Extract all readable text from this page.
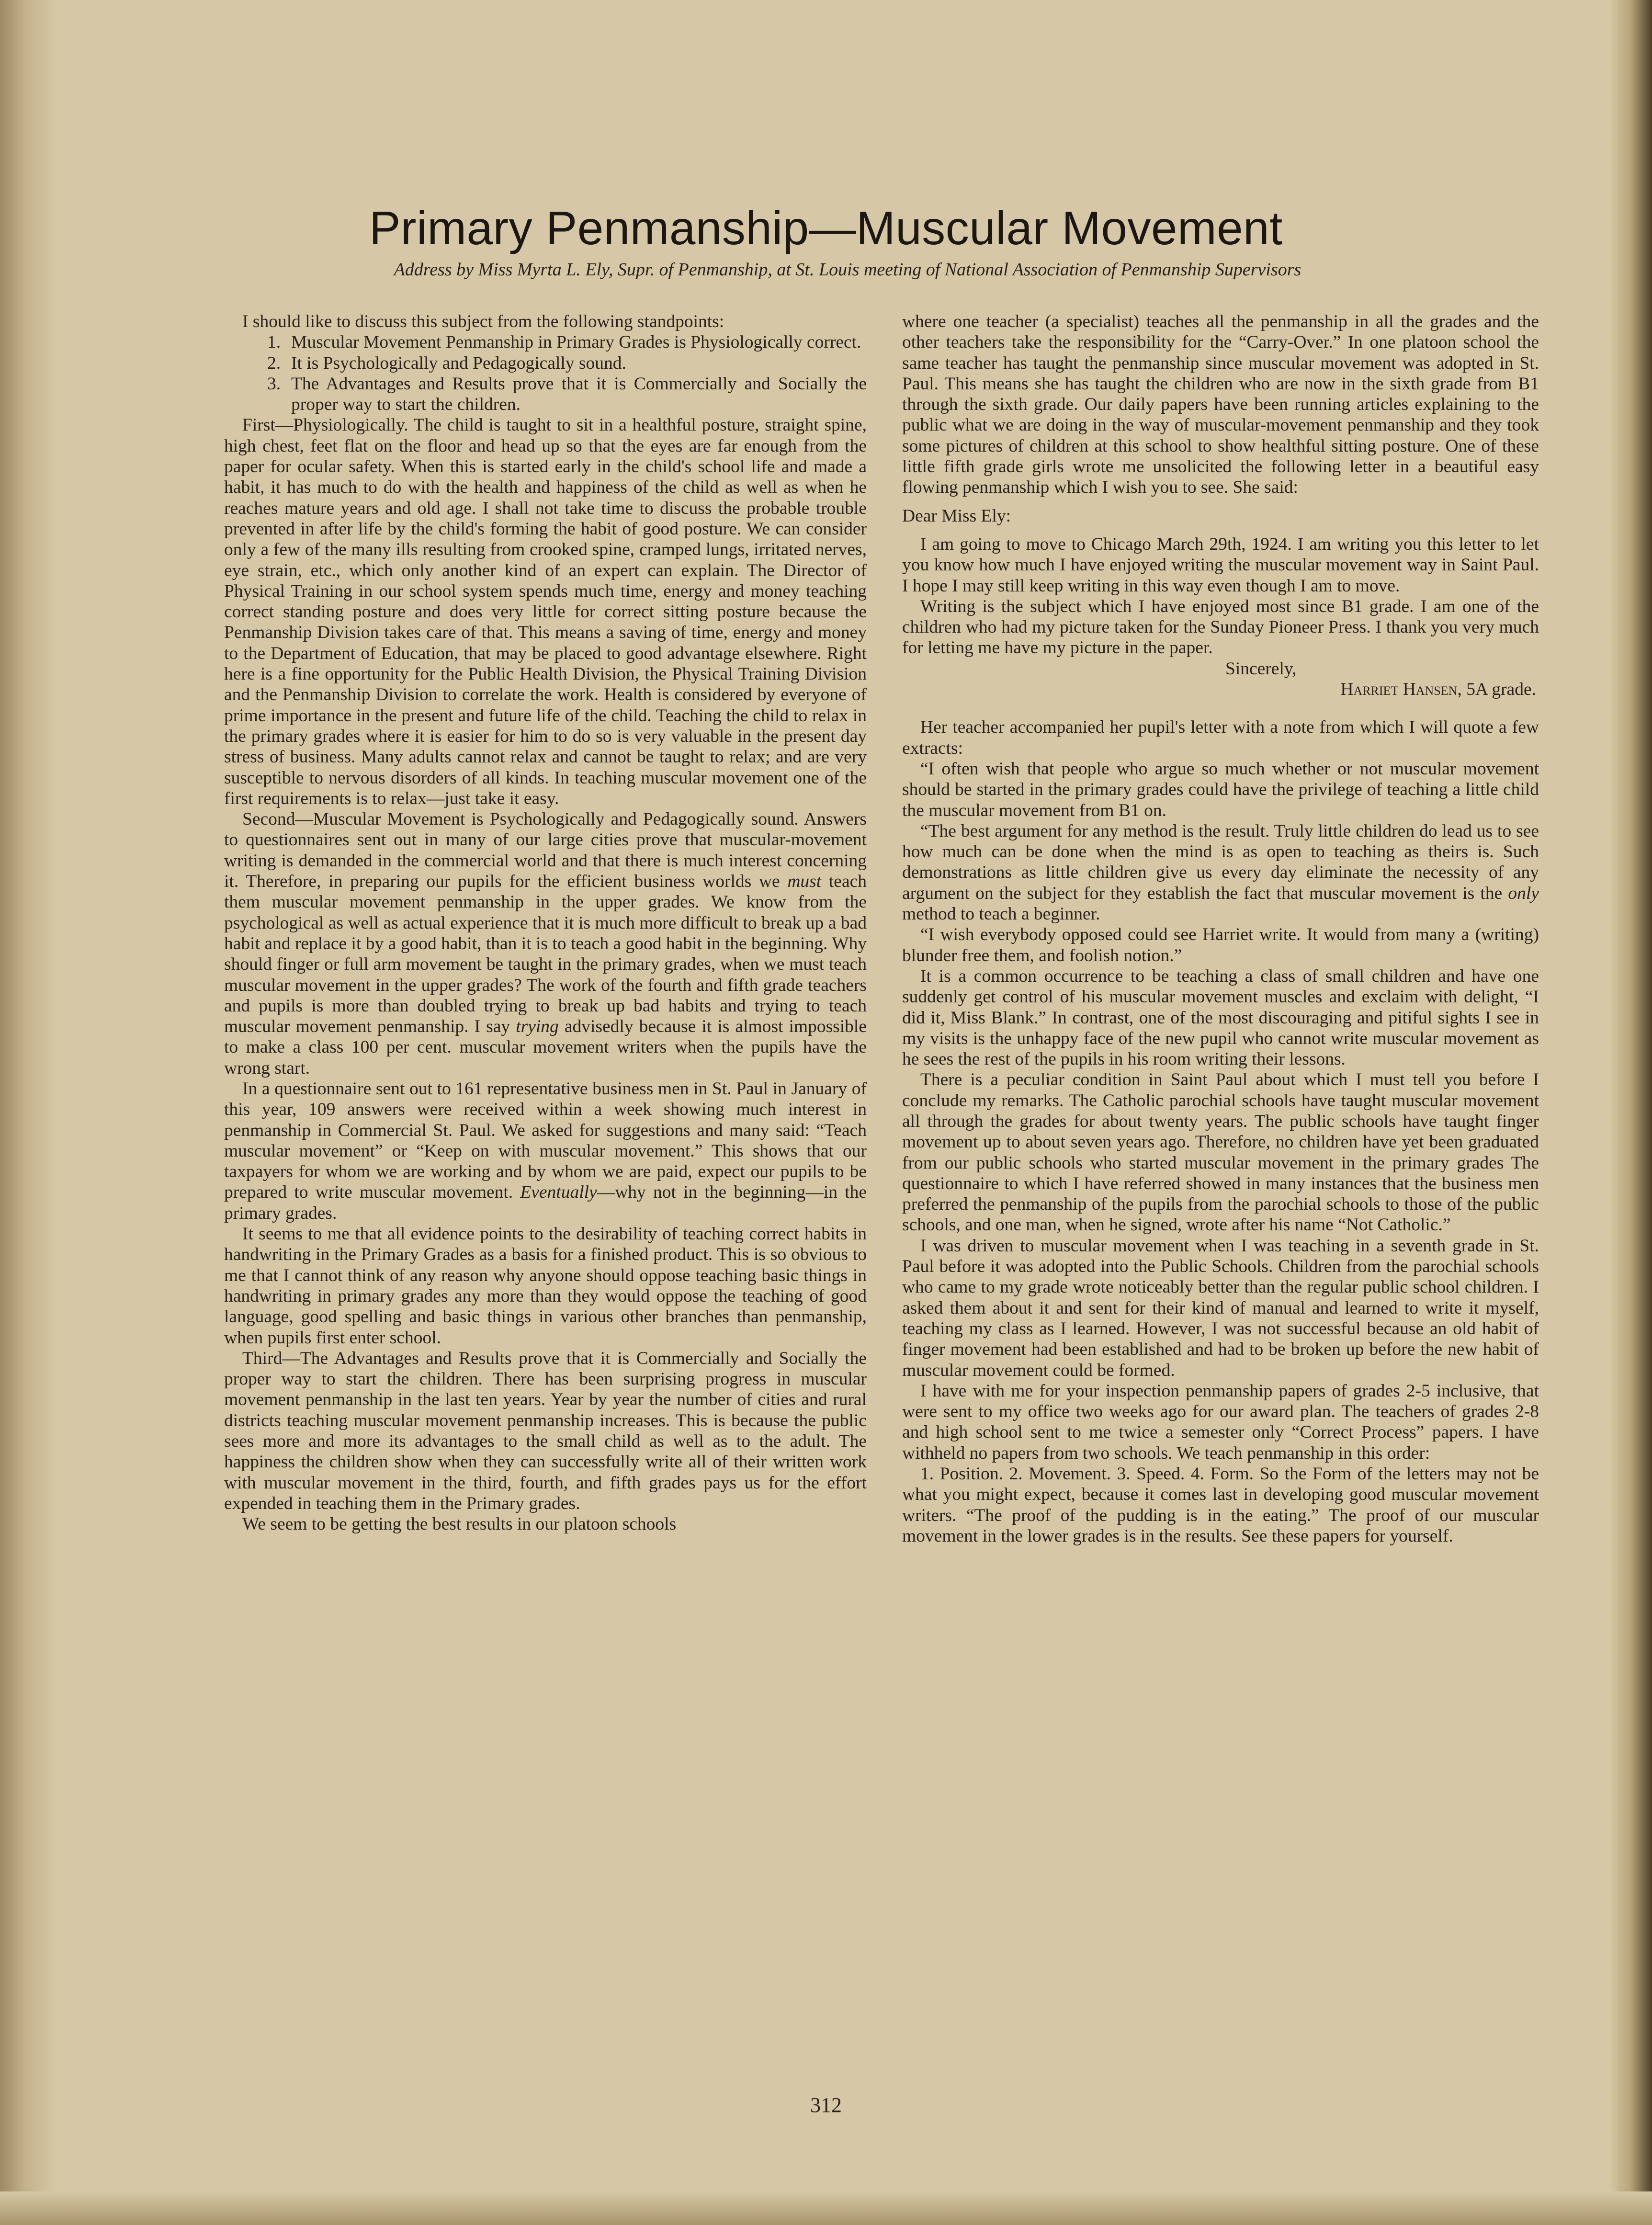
Primary Penmanship—Muscular Movement
Address by Miss Myrta L. Ely, Supr. of Penmanship, at St. Louis meeting of National Association of Penmanship Supervisors

I should like to discuss this subject from the following standpoints:

1. Muscular Movement Penmanship in Primary Grades is Physiologically correct.
2. It is Psychologically and Pedagogically sound.
3. The Advantages and Results prove that it is Commercially and Socially the proper way to start the children.

First—Physiologically. The child is taught to sit in a healthful posture, straight spine, high chest, feet flat on the floor and head up so that the eyes are far enough from the paper for ocular safety. When this is started early in the child's school life and made a habit, it has much to do with the health and happiness of the child as well as when he reaches mature years and old age. I shall not take time to discuss the probable trouble prevented in after life by the child's forming the habit of good posture. We can consider only a few of the many ills resulting from crooked spine, cramped lungs, irritated nerves, eye strain, etc., which only another kind of an expert can explain. The Director of Physical Training in our school system spends much time, energy and money teaching correct standing posture and does very little for correct sitting posture because the Penmanship Division takes care of that. This means a saving of time, energy and money to the Department of Education, that may be placed to good advantage elsewhere. Right here is a fine opportunity for the Public Health Division, the Physical Training Division and the Penmanship Division to correlate the work. Health is considered by everyone of prime importance in the present and future life of the child. Teaching the child to relax in the primary grades where it is easier for him to do so is very valuable in the present day stress of business. Many adults cannot relax and cannot be taught to relax; and are very susceptible to nervous disorders of all kinds. In teaching muscular movement one of the first requirements is to relax—just take it easy.

Second—Muscular Movement is Psychologically and Pedagogically sound. Answers to questionnaires sent out in many of our large cities prove that muscular-movement writing is demanded in the commercial world and that there is much interest concerning it. Therefore, in preparing our pupils for the efficient business worlds we must teach them muscular movement penmanship in the upper grades. We know from the psychological as well as actual experience that it is much more difficult to break up a bad habit and replace it by a good habit, than it is to teach a good habit in the beginning. Why should finger or full arm movement be taught in the primary grades, when we must teach muscular movement in the upper grades? The work of the fourth and fifth grade teachers and pupils is more than doubled trying to break up bad habits and trying to teach muscular movement penmanship. I say trying advisedly because it is almost impossible to make a class 100 per cent. muscular movement writers when the pupils have the wrong start.

In a questionnaire sent out to 161 representative business men in St. Paul in January of this year, 109 answers were received within a week showing much interest in penmanship in Commercial St. Paul. We asked for suggestions and many said: “Teach muscular movement” or “Keep on with muscular movement.” This shows that our taxpayers for whom we are working and by whom we are paid, expect our pupils to be prepared to write muscular movement. Eventually—why not in the beginning—in the primary grades.

It seems to me that all evidence points to the desirability of teaching correct habits in handwriting in the Primary Grades as a basis for a finished product. This is so obvious to me that I cannot think of any reason why anyone should oppose teaching basic things in handwriting in primary grades any more than they would oppose the teaching of good language, good spelling and basic things in various other branches than penmanship, when pupils first enter school.

Third—The Advantages and Results prove that it is Commercially and Socially the proper way to start the children. There has been surprising progress in muscular movement penmanship in the last ten years. Year by year the number of cities and rural districts teaching muscular movement penmanship increases. This is because the public sees more and more its advantages to the small child as well as to the adult. The happiness the children show when they can successfully write all of their written work with muscular movement in the third, fourth, and fifth grades pays us for the effort expended in teaching them in the Primary grades.

We seem to be getting the best results in our platoon schools

where one teacher (a specialist) teaches all the penmanship in all the grades and the other teachers take the responsibility for the “Carry-Over.” In one platoon school the same teacher has taught the penmanship since muscular movement was adopted in St. Paul. This means she has taught the children who are now in the sixth grade from B1 through the sixth grade. Our daily papers have been running articles explaining to the public what we are doing in the way of muscular-movement penmanship and they took some pictures of children at this school to show healthful sitting posture. One of these little fifth grade girls wrote me unsolicited the following letter in a beautiful easy flowing penmanship which I wish you to see. She said:

Dear Miss Ely:

I am going to move to Chicago March 29th, 1924. I am writing you this letter to let you know how much I have enjoyed writing the muscular movement way in Saint Paul. I hope I may still keep writing in this way even though I am to move.

Writing is the subject which I have enjoyed most since B1 grade. I am one of the children who had my picture taken for the Sunday Pioneer Press. I thank you very much for letting me have my picture in the paper.

Sincerely,

Harriet Hansen, 5A grade.

Her teacher accompanied her pupil's letter with a note from which I will quote a few extracts:

“I often wish that people who argue so much whether or not muscular movement should be started in the primary grades could have the privilege of teaching a little child the muscular movement from B1 on.

“The best argument for any method is the result. Truly little children do lead us to see how much can be done when the mind is as open to teaching as theirs is. Such demonstrations as little children give us every day eliminate the necessity of any argument on the subject for they establish the fact that muscular movement is the only method to teach a beginner.

“I wish everybody opposed could see Harriet write. It would from many a (writing) blunder free them, and foolish notion.”

It is a common occurrence to be teaching a class of small children and have one suddenly get control of his muscular movement muscles and exclaim with delight, “I did it, Miss Blank.” In contrast, one of the most discouraging and pitiful sights I see in my visits is the unhappy face of the new pupil who cannot write muscular movement as he sees the rest of the pupils in his room writing their lessons.

There is a peculiar condition in Saint Paul about which I must tell you before I conclude my remarks. The Catholic parochial schools have taught muscular movement all through the grades for about twenty years. The public schools have taught finger movement up to about seven years ago. Therefore, no children have yet been graduated from our public schools who started muscular movement in the primary grades The questionnaire to which I have referred showed in many instances that the business men preferred the penmanship of the pupils from the parochial schools to those of the public schools, and one man, when he signed, wrote after his name “Not Catholic.”

I was driven to muscular movement when I was teaching in a seventh grade in St. Paul before it was adopted into the Public Schools. Children from the parochial schools who came to my grade wrote noticeably better than the regular public school children. I asked them about it and sent for their kind of manual and learned to write it myself, teaching my class as I learned. However, I was not successful because an old habit of finger movement had been established and had to be broken up before the new habit of muscular movement could be formed.

I have with me for your inspection penmanship papers of grades 2-5 inclusive, that were sent to my office two weeks ago for our award plan. The teachers of grades 2-8 and high school sent to me twice a semester only “Correct Process” papers. I have withheld no papers from two schools. We teach penmanship in this order:

1. Position. 2. Movement. 3. Speed. 4. Form. So the Form of the letters may not be what you might expect, because it comes last in developing good muscular movement writers. “The proof of the pudding is in the eating.” The proof of our muscular movement in the lower grades is in the results. See these papers for yourself.

312
